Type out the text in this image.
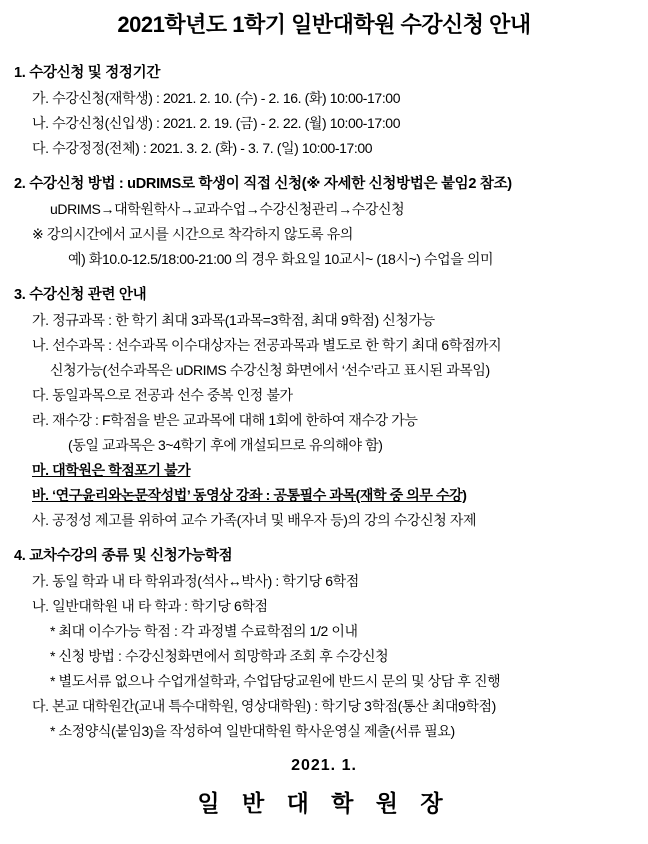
2021학년도 1학기 일반대학원 수강신청 안내
1. 수강신청 및 정정기간
가. 수강신청(재학생) : 2021. 2. 10. (수) - 2. 16. (화) 10:00-17:00
나. 수강신청(신입생) : 2021. 2. 19. (금) - 2. 22. (월) 10:00-17:00
다. 수강정정(전체) : 2021. 3. 2. (화) - 3. 7. (일) 10:00-17:00
2. 수강신청 방법 : uDRIMS로 학생이 직접 신청(※ 자세한 신청방법은 붙임2 참조)
uDRIMS→대학원학사→교과수업→수강신청관리→수강신청
※ 강의시간에서 교시를 시간으로 착각하지 않도록 유의
예) 화10.0-12.5/18:00-21:00 의 경우 화요일 10교시~ (18시~) 수업을 의미
3. 수강신청 관련 안내
가. 정규과목 : 한 학기 최대 3과목(1과목=3학점, 최대 9학점) 신청가능
나. 선수과목 : 선수과목 이수대상자는 전공과목과 별도로 한 학기 최대 6학점까지
신청가능(선수과목은 uDRIMS 수강신청 화면에서 ‘선수’라고 표시된 과목임)
다. 동일과목으로 전공과 선수 중복 인정 불가
라. 재수강 : F학점을 받은 교과목에 대해 1회에 한하여 재수강 가능
(동일 교과목은 3~4학기 후에 개설되므로 유의해야 함)
마. 대학원은 학점포기 불가
바. ‘연구윤리와논문작성법’ 동영상 강좌 : 공통필수 과목(재학 중 의무 수강)
사. 공정성 제고를 위하여 교수 가족(자녀 및 배우자 등)의 강의 수강신청 자제
4. 교차수강의 종류 및 신청가능학점
가. 동일 학과 내 타 학위과정(석사↔박사) : 학기당 6학점
나. 일반대학원 내 타 학과 : 학기당 6학점
* 최대 이수가능 학점 : 각 과정별 수료학점의 1/2 이내
* 신청 방법 : 수강신청화면에서 희망학과 조회 후 수강신청
* 별도서류 없으나 수업개설학과, 수업담당교원에 반드시 문의 및 상담 후 진행
다. 본교 대학원간(교내 특수대학원, 영상대학원) : 학기당 3학점(통산 최대9학점)
* 소정양식(붙임3)을 작성하여 일반대학원 학사운영실 제출(서류 필요)
2021. 1.
일 반 대 학 원 장
